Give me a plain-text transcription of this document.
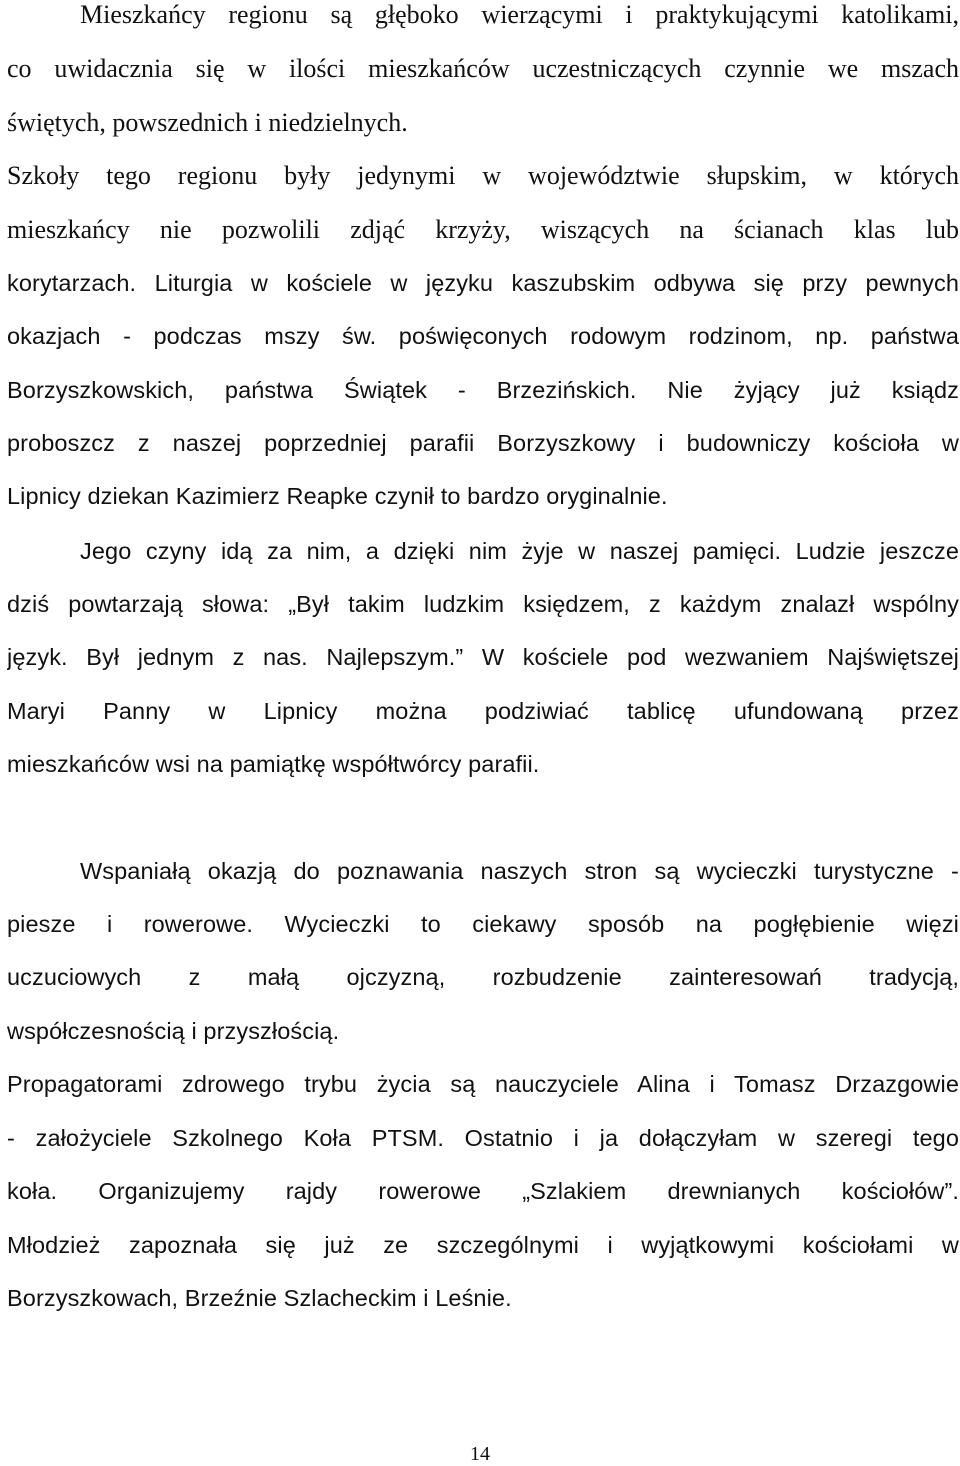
Mieszkańcy regionu są głęboko wierzącymi i praktykującymi katolikami,

co uwidacznia się w ilości mieszkańców uczestniczących czynnie we mszach

świętych, powszednich i niedzielnych.

Szkoły tego regionu były jedynymi w województwie słupskim, w których

mieszkańcy nie pozwolili zdjąć krzyży, wiszących na ścianach klas lub

korytarzach. Liturgia w kościele w języku kaszubskim odbywa się przy pewnych

okazjach - podczas mszy św. poświęconych rodowym rodzinom, np. państwa

Borzyszkowskich, państwa Świątek - Brzezińskich. Nie żyjący już ksiądz

proboszcz z naszej poprzedniej parafii Borzyszkowy i budowniczy kościoła w

Lipnicy dziekan Kazimierz Reapke czynił to bardzo oryginalnie.

Jego czyny idą za nim, a dzięki nim żyje w naszej pamięci. Ludzie jeszcze

dziś powtarzają słowa: „Był takim ludzkim księdzem, z każdym znalazł wspólny

język. Był jednym z nas. Najlepszym.” W kościele pod wezwaniem Najświętszej

Maryi Panny w Lipnicy można podziwiać tablicę ufundowaną przez

mieszkańców wsi na pamiątkę współtwórcy parafii.

Wspaniałą okazją do poznawania naszych stron są wycieczki turystyczne -

piesze i rowerowe. Wycieczki to ciekawy sposób na pogłębienie więzi

uczuciowych z małą ojczyzną, rozbudzenie zainteresowań tradycją,

współczesnością i przyszłością.

Propagatorami zdrowego trybu życia są nauczyciele Alina i Tomasz Drzazgowie

- założyciele Szkolnego Koła PTSM. Ostatnio i ja dołączyłam w szeregi tego

koła. Organizujemy rajdy rowerowe „Szlakiem drewnianych kościołów”.

Młodzież zapoznała się już ze szczególnymi i wyjątkowymi kościołami w

Borzyszkowach, Brzeźnie Szlacheckim i Leśnie.

14
